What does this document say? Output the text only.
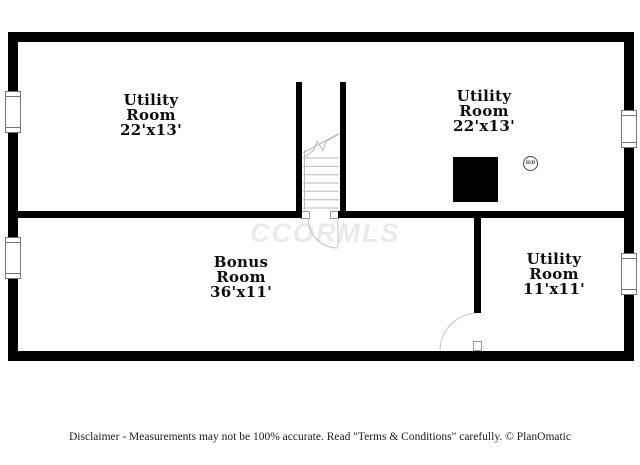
CCORMLS
H/D
Utility
Room
22'x13'
Utility
Room
22'x13'
Bonus
Room
36'x11'
Utility
Room
11'x11'
Disclaimer - Measurements may not be 100% accurate. Read "Terms & Conditions" carefully. © PlanOmatic
